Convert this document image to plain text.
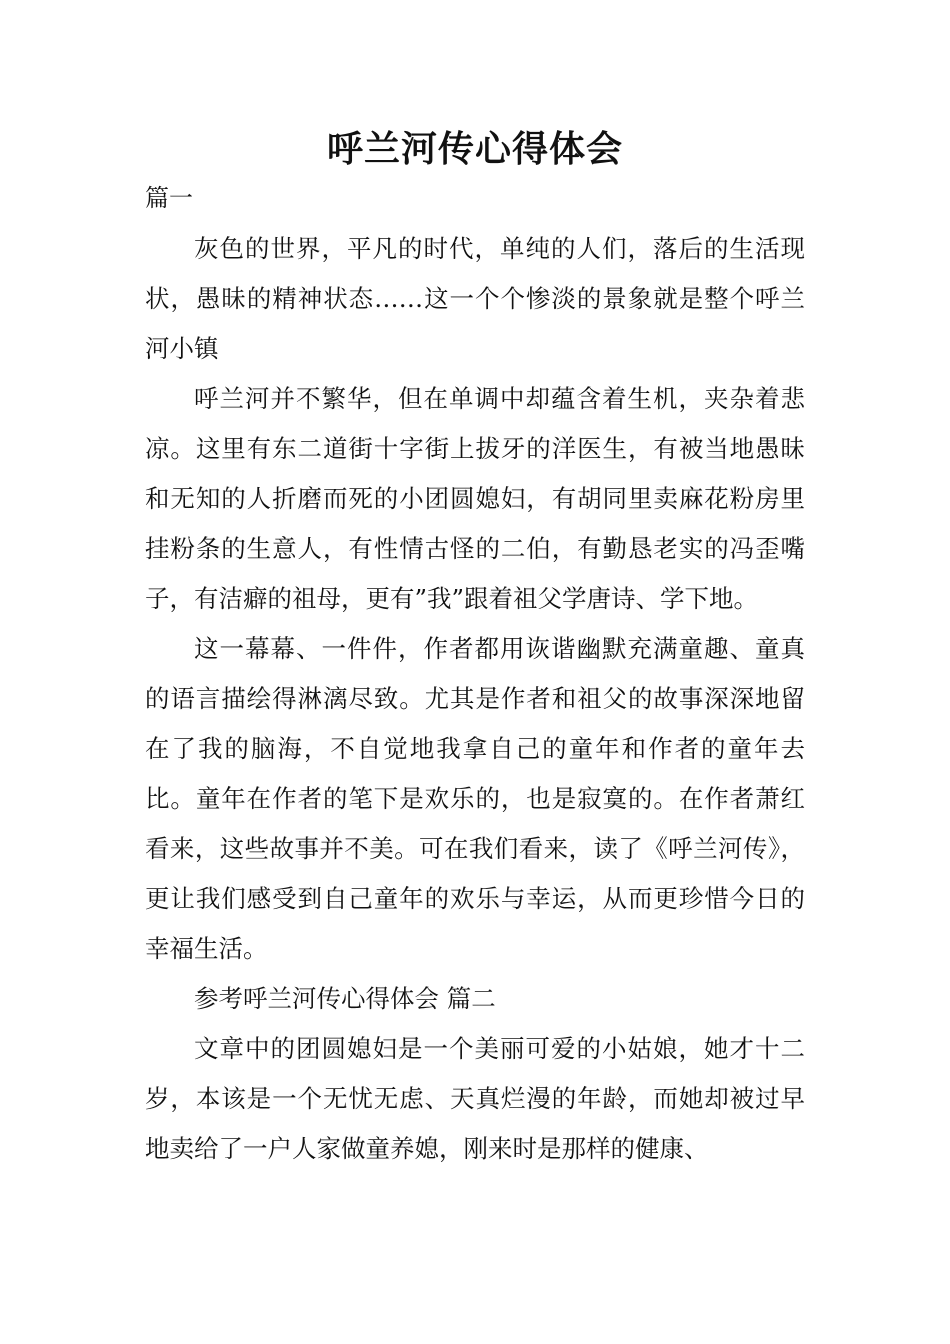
呼兰河传心得体会
篇一

灰色的世界，平凡的时代，单纯的人们，落后的生活现状，愚昧的精神状态……这一个个惨淡的景象就是整个呼兰河小镇

呼兰河并不繁华，但在单调中却蕴含着生机，夹杂着悲凉。这里有东二道街十字街上拔牙的洋医生，有被当地愚昧和无知的人折磨而死的小团圆媳妇，有胡同里卖麻花粉房里挂粉条的生意人，有性情古怪的二伯，有勤恳老实的冯歪嘴子，有洁癖的祖母，更有”我”跟着祖父学唐诗、学下地。

这一幕幕、一件件，作者都用诙谐幽默充满童趣、童真的语言描绘得淋漓尽致。尤其是作者和祖父的故事深深地留在了我的脑海，不自觉地我拿自己的童年和作者的童年去比。童年在作者的笔下是欢乐的，也是寂寞的。在作者萧红看来，这些故事并不美。可在我们看来，读了《呼兰河传》，更让我们感受到自己童年的欢乐与幸运，从而更珍惜今日的幸福生活。

参考呼兰河传心得体会 篇二

文章中的团圆媳妇是一个美丽可爱的小姑娘，她才十二岁，本该是一个无忧无虑、天真烂漫的年龄，而她却被过早地卖给了一户人家做童养媳，刚来时是那样的健康、
